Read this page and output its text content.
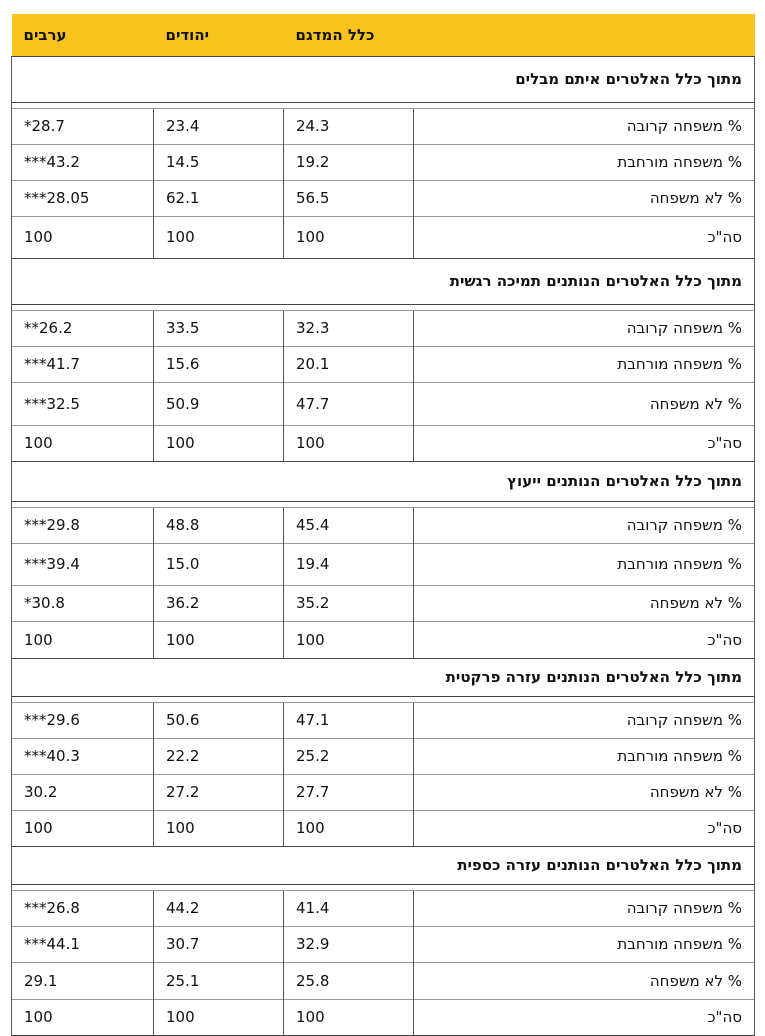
	כלל המדגם	יהודים	ערבים
מתוך כלל האלטרים איתם מבלים			

% משפחה קרובה	24.3	23.4	28.7*
% משפחה מורחבת	19.2	14.5	43.2***
% לא משפחה	56.5	62.1	28.05***
סה"כ	100	100	100
מתוך כלל האלטרים הנותנים תמיכה רגשית			

% משפחה קרובה	32.3	33.5	26.2**
% משפחה מורחבת	20.1	15.6	41.7***
% לא משפחה	47.7	50.9	32.5***
סה"כ	100	100	100
מתוך כלל האלטרים הנותנים ייעוץ			

% משפחה קרובה	45.4	48.8	29.8***
% משפחה מורחבת	19.4	15.0	39.4***
% לא משפחה	35.2	36.2	30.8*
סה"כ	100	100	100
מתוך כלל האלטרים הנותנים עזרה פרקטית			

% משפחה קרובה	47.1	50.6	29.6***
% משפחה מורחבת	25.2	22.2	40.3***
% לא משפחה	27.7	27.2	30.2
סה"כ	100	100	100
מתוך כלל האלטרים הנותנים עזרה כספית			

% משפחה קרובה	41.4	44.2	26.8***
% משפחה מורחבת	32.9	30.7	44.1***
% לא משפחה	25.8	25.1	29.1
סה"כ	100	100	100
